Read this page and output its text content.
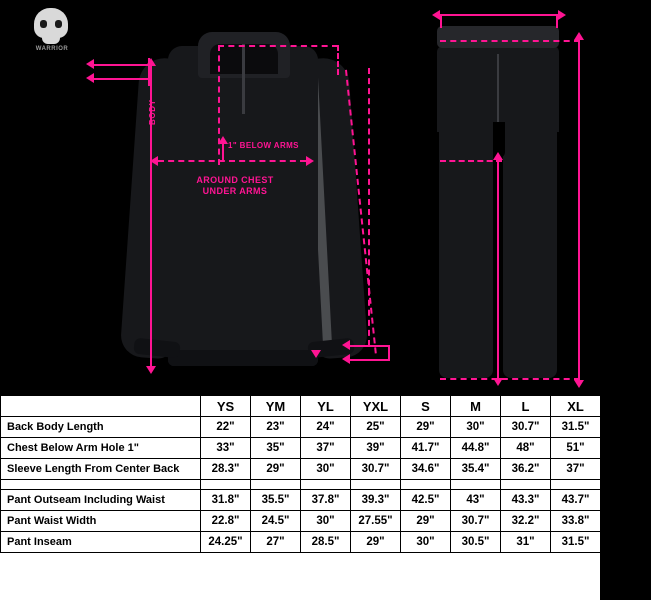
WARRIOR
BODY
1" BELOW ARMS
AROUND CHEST
UNDER ARMS
	YS	YM	YL	YXL	S	M	L	XL	2XL
Back Body Length	22"	23"	24"	25"	29"	30"	30.7"	31.5"	32.2"
Chest Below Arm Hole 1"	33"	35"	37"	39"	41.7"	44.8"	48"	51"	54.3"
Sleeve Length From Center Back	28.3"	29"	30"	30.7"	34.6"	35.4"	36.2"	37"	37.8"

Pant Outseam Including Waist	31.8"	35.5"	37.8"	39.3"	42.5"	43"	43.3"	43.7"	44"
Pant Waist Width	22.8"	24.5"	30"	27.55"	29"	30.7"	32.2"	33.8"	35.5"
Pant Inseam	24.25"	27"	28.5"	29"	30"	30.5"	31"	31.5"	32"
